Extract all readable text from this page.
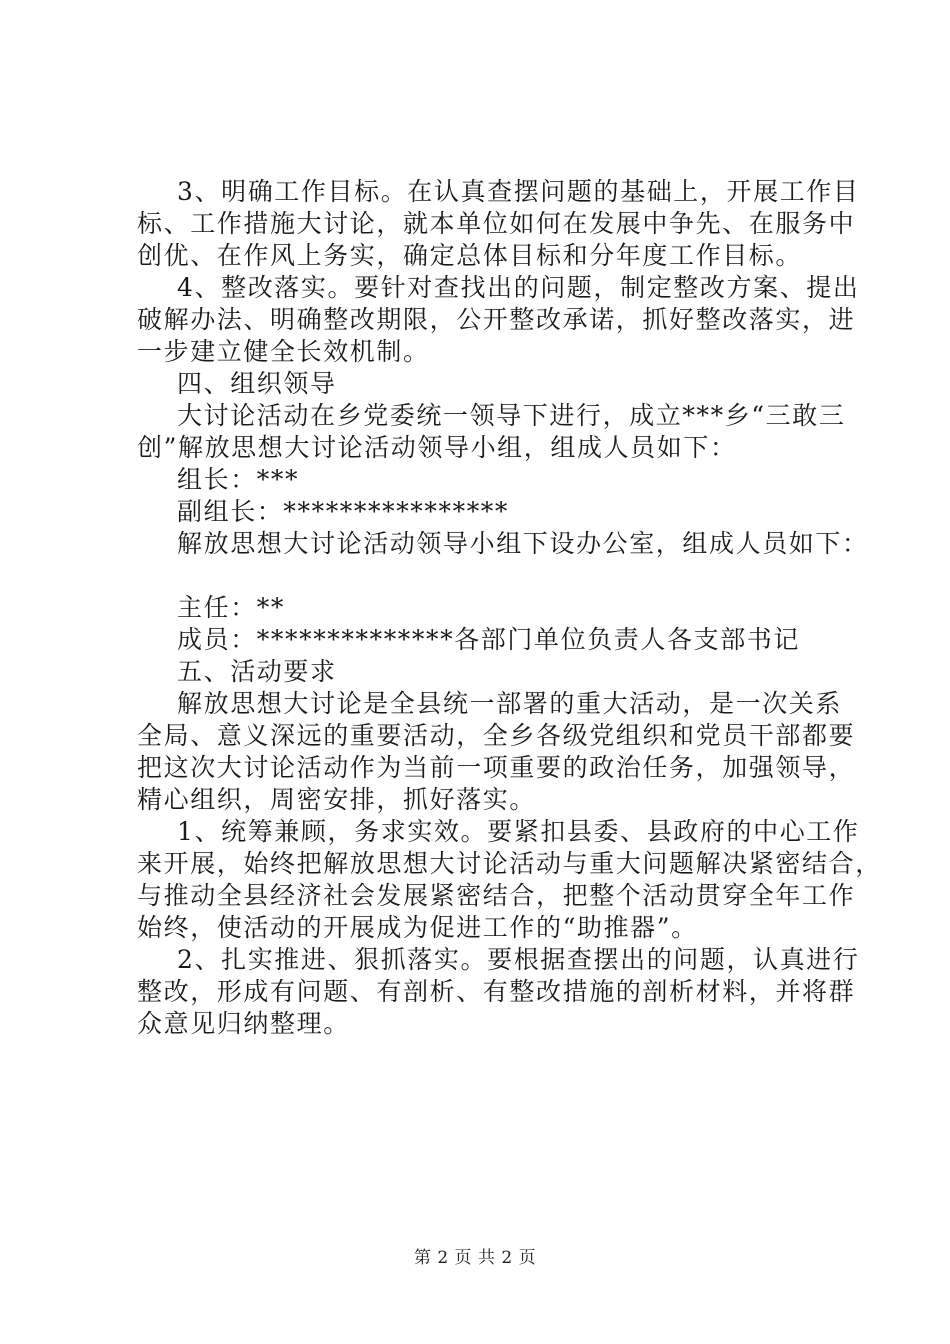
3、明确工作目标。在认真查摆问题的基础上，开展工作目
标、工作措施大讨论，就本单位如何在发展中争先、在服务中
创优、在作风上务实，确定总体目标和分年度工作目标。
4、整改落实。要针对查找出的问题，制定整改方案、提出
破解办法、明确整改期限，公开整改承诺，抓好整改落实，进
一步建立健全长效机制。
四、组织领导
大讨论活动在乡党委统一领导下进行，成立***乡“三敢三
创”解放思想大讨论活动领导小组，组成人员如下：
组长：***
副组长：****************
解放思想大讨论活动领导小组下设办公室，组成人员如下：
主任：**
成员：**************各部门单位负责人各支部书记
五、活动要求
解放思想大讨论是全县统一部署的重大活动，是一次关系
全局、意义深远的重要活动，全乡各级党组织和党员干部都要
把这次大讨论活动作为当前一项重要的政治任务，加强领导，
精心组织，周密安排，抓好落实。
1、统筹兼顾，务求实效。要紧扣县委、县政府的中心工作
来开展，始终把解放思想大讨论活动与重大问题解决紧密结合，
与推动全县经济社会发展紧密结合，把整个活动贯穿全年工作
始终，使活动的开展成为促进工作的“助推器”。
2、扎实推进、狠抓落实。要根据查摆出的问题，认真进行
整改，形成有问题、有剖析、有整改措施的剖析材料，并将群
众意见归纳整理。
第 2 页 共 2 页
